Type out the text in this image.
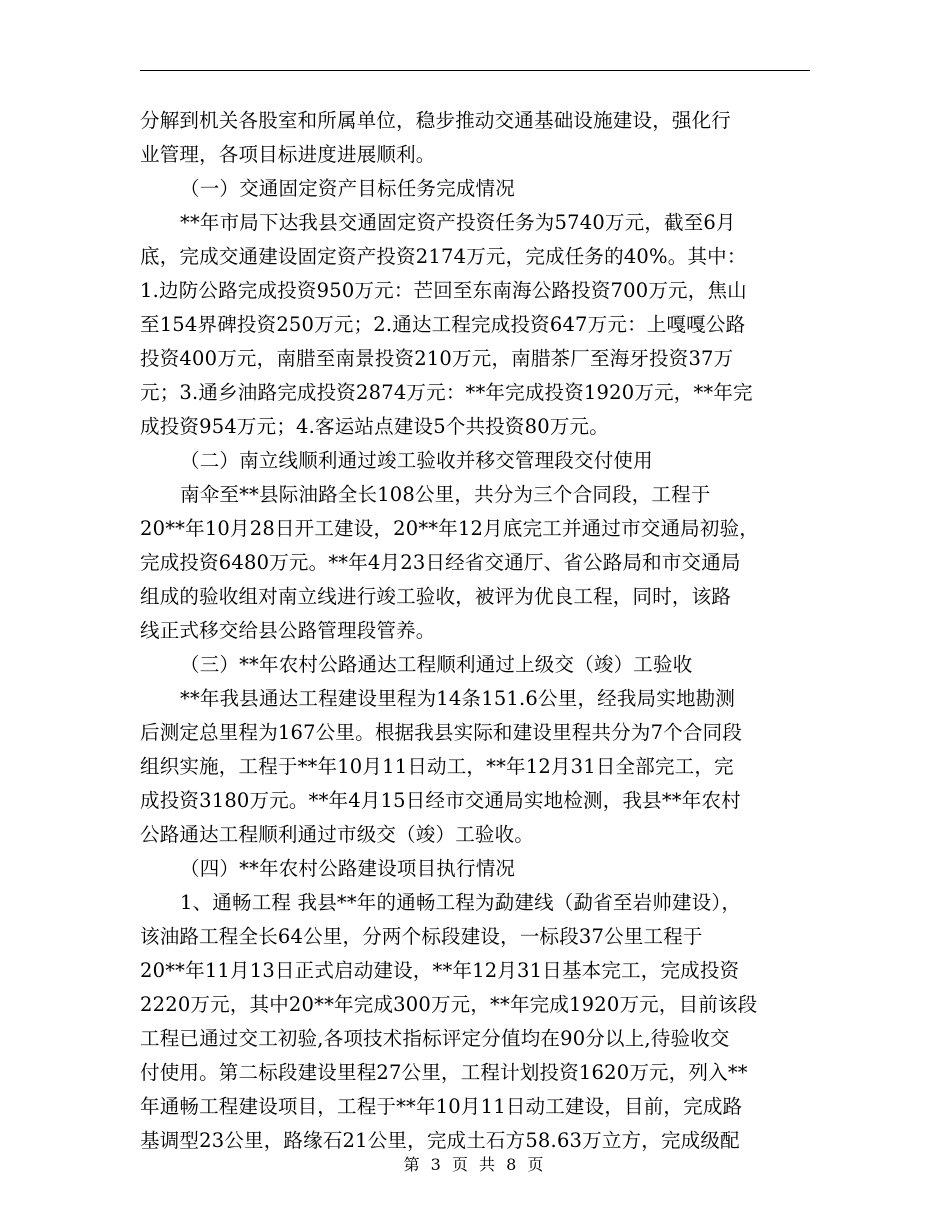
分解到机关各股室和所属单位，稳步推动交通基础设施建设，强化行
业管理，各项目标进度进展顺利。
（一）交通固定资产目标任务完成情况
**年市局下达我县交通固定资产投资任务为5740万元，截至6月
底，完成交通建设固定资产投资2174万元，完成任务的40%。其中：
1.边防公路完成投资950万元：芒回至东南海公路投资700万元，焦山
至154界碑投资250万元；2.通达工程完成投资647万元：上嘎嘎公路
投资400万元，南腊至南景投资210万元，南腊茶厂至海牙投资37万
元；3.通乡油路完成投资2874万元：**年完成投资1920万元，**年完
成投资954万元；4.客运站点建设5个共投资80万元。
（二）南立线顺利通过竣工验收并移交管理段交付使用
南伞至**县际油路全长108公里，共分为三个合同段，工程于
20**年10月28日开工建设，20**年12月底完工并通过市交通局初验，
完成投资6480万元。**年4月23日经省交通厅、省公路局和市交通局
组成的验收组对南立线进行竣工验收，被评为优良工程，同时，该路
线正式移交给县公路管理段管养。
（三）**年农村公路通达工程顺利通过上级交（竣）工验收
**年我县通达工程建设里程为14条151.6公里，经我局实地勘测
后测定总里程为167公里。根据我县实际和建设里程共分为7个合同段
组织实施，工程于**年10月11日动工，**年12月31日全部完工，完
成投资3180万元。**年4月15日经市交通局实地检测，我县**年农村
公路通达工程顺利通过市级交（竣）工验收。
（四）**年农村公路建设项目执行情况
1、通畅工程 我县**年的通畅工程为勐建线（勐省至岩帅建设），
该油路工程全长64公里，分两个标段建设，一标段37公里工程于
20**年11月13日正式启动建设，**年12月31日基本完工，完成投资
2220万元，其中20**年完成300万元，**年完成1920万元，目前该段
工程已通过交工初验,各项技术指标评定分值均在90分以上,待验收交
付使用。第二标段建设里程27公里，工程计划投资1620万元，列入**
年通畅工程建设项目，工程于**年10月11日动工建设，目前，完成路
基调型23公里，路缘石21公里，完成土石方58.63万立方，完成级配
第 3 页 共 8 页
